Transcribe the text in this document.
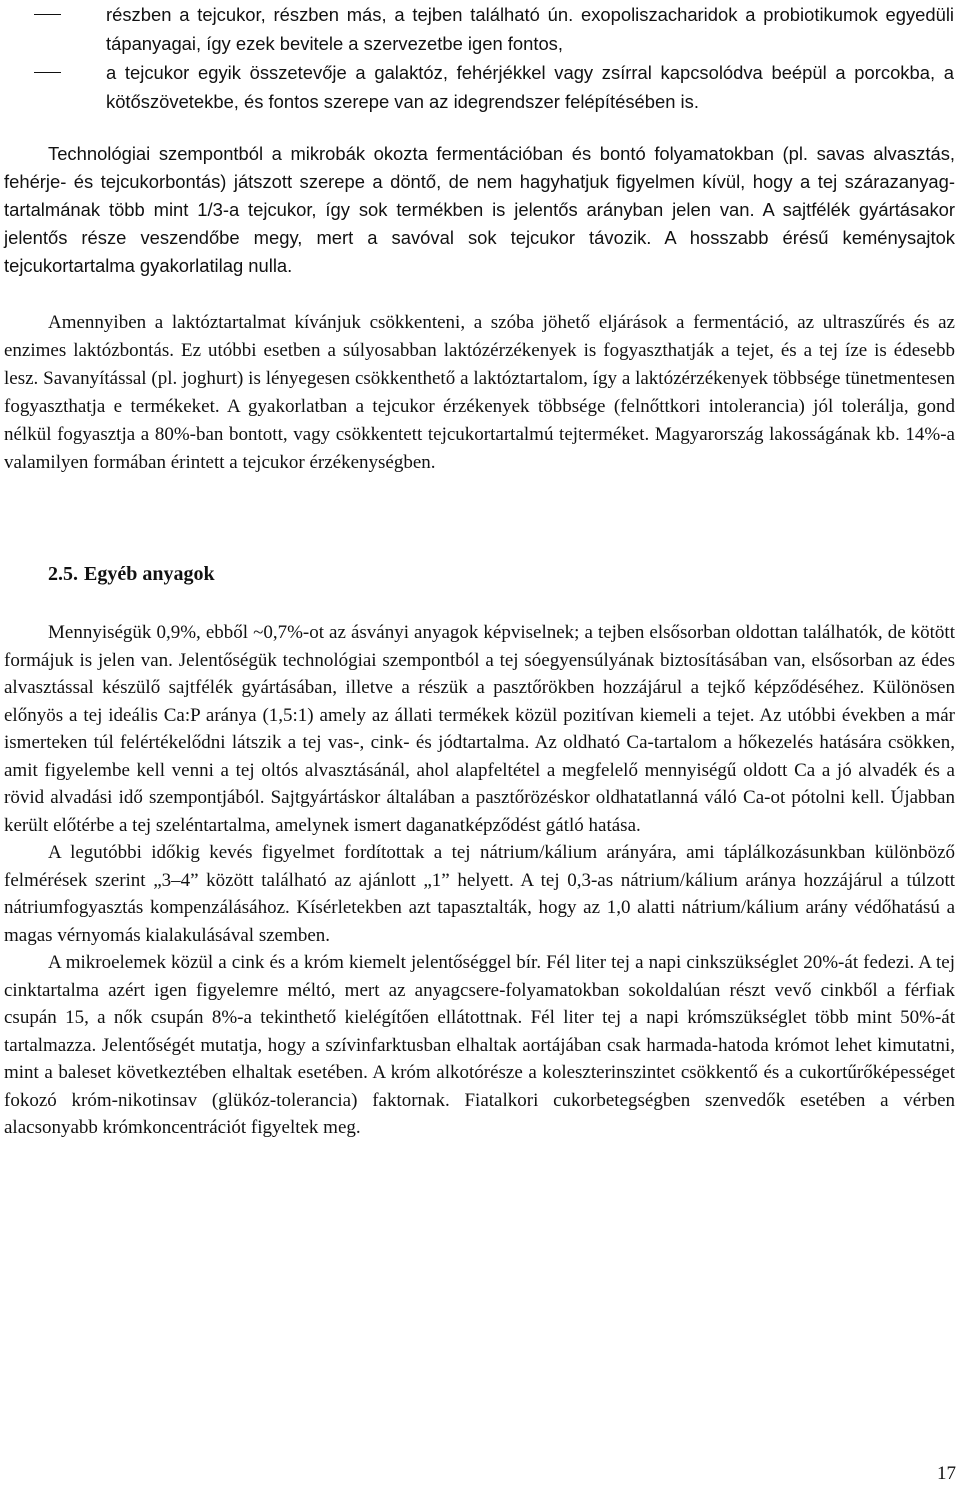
részben a tejcukor, részben más, a tejben található ún. exopoliszacharidok a probiotikumok egyedüli tápanyagai, így ezek bevitele a szervezetbe igen fontos,
a tejcukor egyik összetevője a galaktóz, fehérjékkel vagy zsírral kapcsolódva beépül a porcokba, a kötőszövetekbe, és fontos szerepe van az idegrendszer felépítésében is.
Technológiai szempontból a mikrobák okozta fermentációban és bontó folyamatokban (pl. savas alvasztás, fehérje- és tejcukorbontás) játszott szerepe a döntő, de nem hagyhatjuk figyelmen kívül, hogy a tej szárazanyag-tartalmának több mint 1/3-a tejcukor, így sok termékben is jelentős arányban jelen van. A sajtfélék gyártásakor jelentős része veszendőbe megy, mert a savóval sok tejcukor távozik. A hosszabb érésű keménysajtok tejcukortartalma gyakorlatilag nulla.
Amennyiben a laktóztartalmat kívánjuk csökkenteni, a szóba jöhető eljárások a fermentáció, az ultraszűrés és az enzimes laktózbontás. Ez utóbbi esetben a súlyosabban laktózérzékenyek is fogyaszthatják a tejet, és a tej íze is édesebb lesz. Savanyítással (pl. joghurt) is lényegesen csökkenthető a laktóztartalom, így a laktózérzékenyek többsége tünetmentesen fogyaszthatja e termékeket. A gyakorlatban a tejcukor érzékenyek többsége (felnőttkori intolerancia) jól tolerálja, gond nélkül fogyasztja a 80%-ban bontott, vagy csökkentett tejcukortartalmú tejterméket. Magyarország lakosságának kb. 14%-a valamilyen formában érintett a tejcukor érzékenységben.
2.5. Egyéb anyagok

Mennyiségük 0,9%, ebből ~0,7%-ot az ásványi anyagok képviselnek; a tejben elsősorban oldottan találhatók, de kötött formájuk is jelen van. Jelentőségük technológiai szempontból a tej sóegyensúlyának biztosításában van, elsősorban az édes alvasztással készülő sajtfélék gyártásában, illetve a részük a pasztőrökben hozzájárul a tejkő képződéséhez. Különösen előnyös a tej ideális Ca:P aránya (1,5:1) amely az állati termékek közül pozitívan kiemeli a tejet. Az utóbbi években a már ismerteken túl felértékelődni látszik a tej vas-, cink- és jódtartalma. Az oldható Ca-tartalom a hőkezelés hatására csökken, amit figyelembe kell venni a tej oltós alvasztásánál, ahol alapfeltétel a megfelelő mennyiségű oldott Ca a jó alvadék és a rövid alvadási idő szempontjából. Sajtgyártáskor általában a pasztőrözéskor oldhatatlanná váló Ca-ot pótolni kell. Újabban került előtérbe a tej szeléntartalma, amelynek ismert daganatképződést gátló hatása.

A legutóbbi időkig kevés figyelmet fordítottak a tej nátrium/kálium arányára, ami táplálkozásunkban különböző felmérések szerint „3–4” között található az ajánlott „1” helyett. A tej 0,3-as nátrium/kálium aránya hozzájárul a túlzott nátriumfogyasztás kompenzálásához. Kísérletekben azt tapasztalták, hogy az 1,0 alatti nátrium/kálium arány védőhatású a magas vérnyomás kialakulásával szemben.

A mikroelemek közül a cink és a króm kiemelt jelentőséggel bír. Fél liter tej a napi cinkszükséglet 20%-át fedezi. A tej cinktartalma azért igen figyelemre méltó, mert az anyagcsere-folyamatokban sokoldalúan részt vevő cinkből a férfiak csupán 15, a nők csupán 8%-a tekinthető kielégítően ellátottnak. Fél liter tej a napi krómszükséglet több mint 50%-át tartalmazza. Jelentőségét mutatja, hogy a szívinfarktusban elhaltak aortájában csak harmada-hatoda krómot lehet kimutatni, mint a baleset következtében elhaltak esetében. A króm alkotórésze a koleszterinszintet csökkentő és a cukortűrőképességet fokozó króm-nikotinsav (glükóz-tolerancia) faktornak. Fiatalkori cukorbetegségben szenvedők esetében a vérben alacsonyabb krómkoncentrációt figyeltek meg.

17
